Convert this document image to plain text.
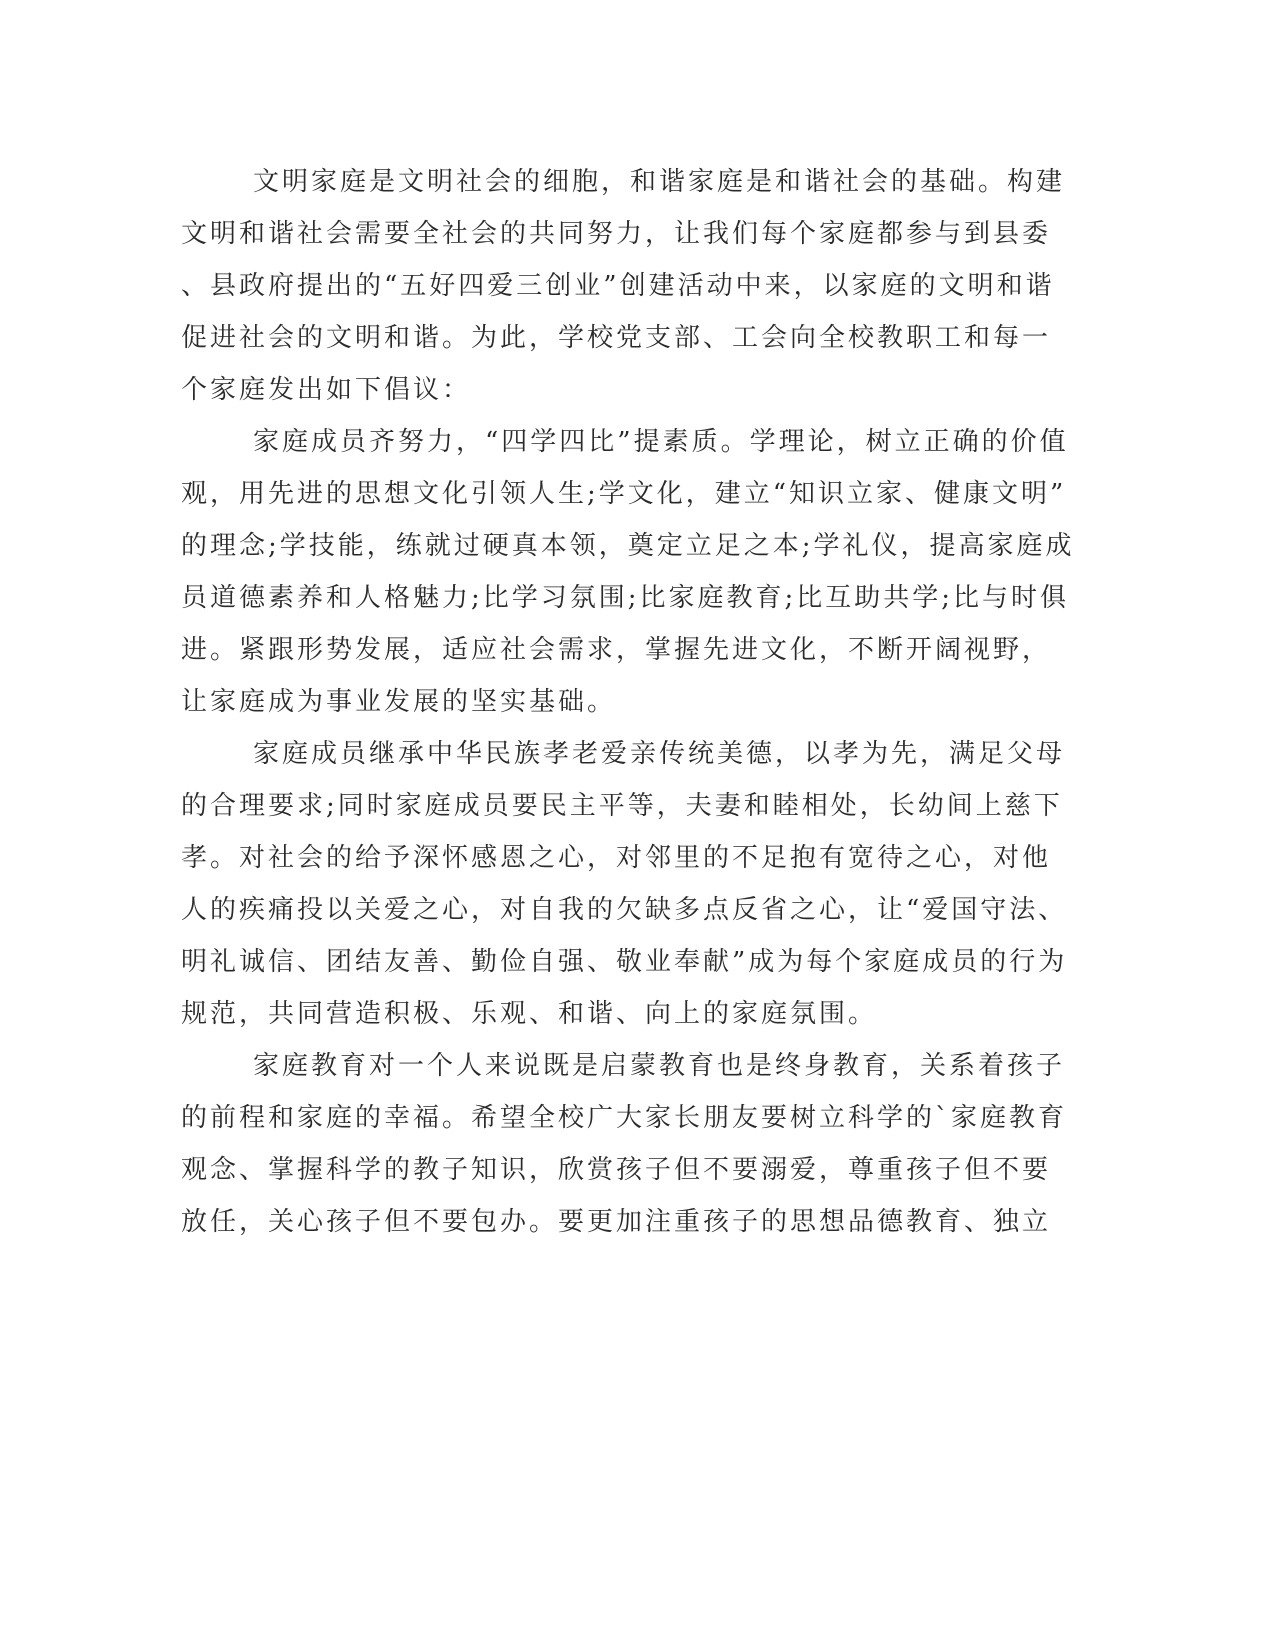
文明家庭是文明社会的细胞，和谐家庭是和谐社会的基础。构建
文明和谐社会需要全社会的共同努力，让我们每个家庭都参与到县委
、县政府提出的“五好四爱三创业”创建活动中来，以家庭的文明和谐
促进社会的文明和谐。为此，学校党支部、工会向全校教职工和每一
个家庭发出如下倡议：
家庭成员齐努力，“四学四比”提素质。学理论，树立正确的价值
观，用先进的思想文化引领人生;学文化，建立“知识立家、健康文明”
的理念;学技能，练就过硬真本领，奠定立足之本;学礼仪，提高家庭成
员道德素养和人格魅力;比学习氛围;比家庭教育;比互助共学;比与时俱
进。紧跟形势发展，适应社会需求，掌握先进文化，不断开阔视野，
让家庭成为事业发展的坚实基础。
家庭成员继承中华民族孝老爱亲传统美德，以孝为先，满足父母
的合理要求;同时家庭成员要民主平等，夫妻和睦相处，长幼间上慈下
孝。对社会的给予深怀感恩之心，对邻里的不足抱有宽待之心，对他
人的疾痛投以关爱之心，对自我的欠缺多点反省之心，让“爱国守法、
明礼诚信、团结友善、勤俭自强、敬业奉献”成为每个家庭成员的行为
规范，共同营造积极、乐观、和谐、向上的家庭氛围。
家庭教育对一个人来说既是启蒙教育也是终身教育，关系着孩子
的前程和家庭的幸福。希望全校广大家长朋友要树立科学的`家庭教育
观念、掌握科学的教子知识，欣赏孩子但不要溺爱，尊重孩子但不要
放任，关心孩子但不要包办。要更加注重孩子的思想品德教育、独立
